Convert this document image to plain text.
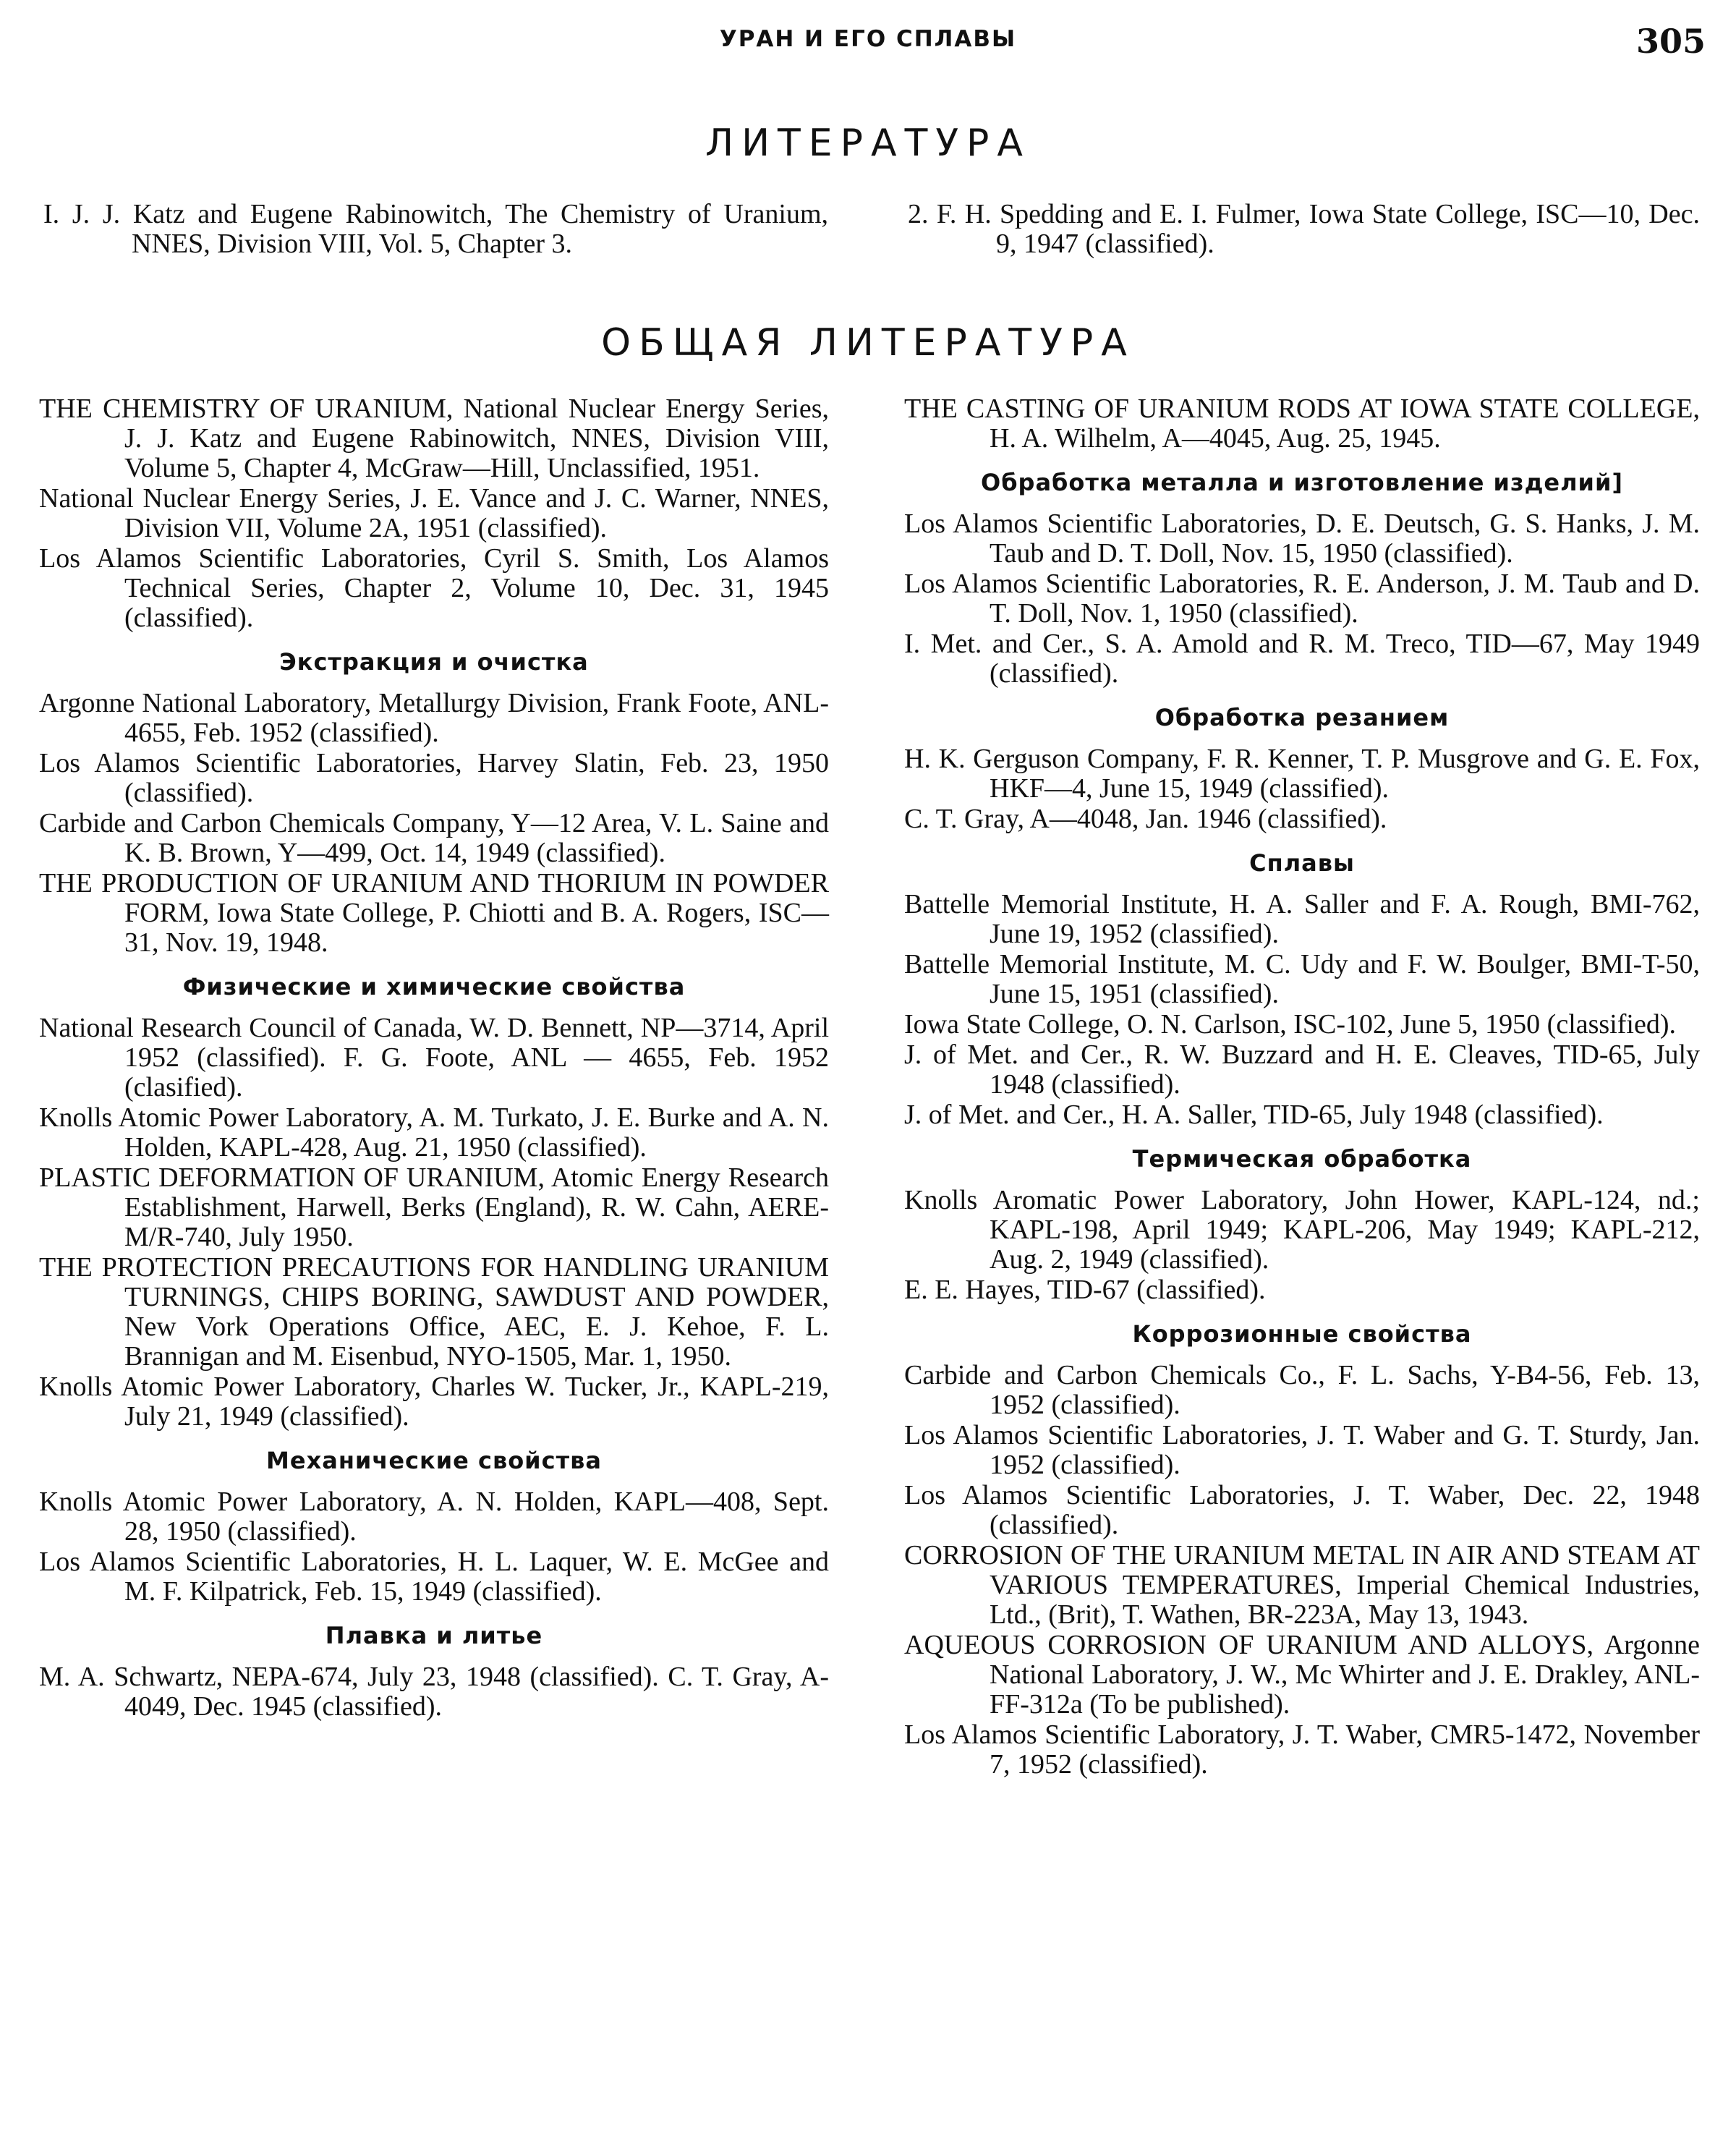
УРАН И ЕГО СПЛАВЫ	305
ЛИТЕРАТУРА

I. J. J. Katz and Eugene Rabinowitch, The Chemistry of Uranium, NNES, Division VIII, Vol. 5, Chapter 3.

2. F. H. Spedding and E. I. Fulmer, Iowa State College, ISC—10, Dec. 9, 1947 (classified).

ОБЩАЯ ЛИТЕРАТУРА

THE CHEMISTRY OF URANIUM, National Nuclear Energy Series, J. J. Katz and Eugene Rabinowitch, NNES, Division VIII, Volume 5, Chapter 4, McGraw—Hill, Unclassified, 1951.

National Nuclear Energy Series, J. E. Vance and J. C. Warner, NNES, Division VII, Volume 2A, 1951 (classified).

Los Alamos Scientific Laboratories, Cyril S. Smith, Los Alamos Technical Series, Chapter 2, Volume 10, Dec. 31, 1945 (classified).

Экстракция и очистка

Argonne National Laboratory, Metallurgy Division, Frank Foote, ANL-4655, Feb. 1952 (classified).

Los Alamos Scientific Laboratories, Harvey Slatin, Feb. 23, 1950 (classified).

Carbide and Carbon Chemicals Company, Y—12 Area, V. L. Saine and K. B. Brown, Y—499, Oct. 14, 1949 (classified).

THE PRODUCTION OF URANIUM AND THORIUM IN POWDER FORM, Iowa State College, P. Chiotti and B. A. Rogers, ISC—31, Nov. 19, 1948.

Физические и химические свойства

National Research Council of Canada, W. D. Bennett, NP—3714, April 1952 (classified). F. G. Foote, ANL — 4655, Feb. 1952 (clasified).

Knolls Atomic Power Laboratory, A. M. Turkato, J. E. Burke and A. N. Holden, KAPL-428, Aug. 21, 1950 (classified).

PLASTIC DEFORMATION OF URANIUM, Atomic Energy Research Establishment, Harwell, Berks (England), R. W. Cahn, AERE-M/R-740, July 1950.

THE PROTECTION PRECAUTIONS FOR HANDLING URANIUM TURNINGS, CHIPS BORING, SAWDUST AND POWDER, New Vork Operations Office, AEC, E. J. Kehoe, F. L. Brannigan and M. Eisenbud, NYO-1505, Mar. 1, 1950.

Knolls Atomic Power Laboratory, Charles W. Tucker, Jr., KAPL-219, July 21, 1949 (classified).

Механические свойства

Knolls Atomic Power Laboratory, A. N. Holden, KAPL—408, Sept. 28, 1950 (classified).

Los Alamos Scientific Laboratories, H. L. Laquer, W. E. McGee and M. F. Kilpatrick, Feb. 15, 1949 (classified).

Плавка и литье

M. A. Schwartz, NEPA-674, July 23, 1948 (classified). C. T. Gray, A-4049, Dec. 1945 (classified).

THE CASTING OF URANIUM RODS AT IOWA STATE COLLEGE, H. A. Wilhelm, A—4045, Aug. 25, 1945.

Обработка металла и изготовление изделий]

Los Alamos Scientific Laboratories, D. E. Deutsch, G. S. Hanks, J. M. Taub and D. T. Doll, Nov. 15, 1950 (classified).

Los Alamos Scientific Laboratories, R. E. Anderson, J. M. Taub and D. T. Doll, Nov. 1, 1950 (classified).

I. Met. and Cer., S. A. Amold and R. M. Treco, TID—67, May 1949 (classified).

Обработка резанием

H. K. Gerguson Company, F. R. Kenner, T. P. Musgrove and G. E. Fox, HKF—4, June 15, 1949 (classified).

C. T. Gray, A—4048, Jan. 1946 (classified).

Сплавы

Battelle Memorial Institute, H. A. Saller and F. A. Rough, BMI-762, June 19, 1952 (classified).

Battelle Memorial Institute, M. C. Udy and F. W. Boulger, BMI-T-50, June 15, 1951 (classified).

Iowa State College, O. N. Carlson, ISC-102, June 5, 1950 (classified).

J. of Met. and Cer., R. W. Buzzard and H. E. Cleaves, TID-65, July 1948 (classified).

J. of Met. and Cer., H. A. Saller, TID-65, July 1948 (classified).

Термическая обработка

Knolls Aromatic Power Laboratory, John Hower, KAPL-124, nd.; KAPL-198, April 1949; KAPL-206, May 1949; KAPL-212, Aug. 2, 1949 (classified).

E. E. Hayes, TID-67 (classified).

Коррозионные свойства

Carbide and Carbon Chemicals Co., F. L. Sachs, Y-B4-56, Feb. 13, 1952 (classified).

Los Alamos Scientific Laboratories, J. T. Waber and G. T. Sturdy, Jan. 1952 (classified).

Los Alamos Scientific Laboratories, J. T. Waber, Dec. 22, 1948 (classified).

CORROSION OF THE URANIUM METAL IN AIR AND STEAM AT VARIOUS TEMPERATURES, Imperial Chemical Industries, Ltd., (Brit), T. Wathen, BR-223A, May 13, 1943.

AQUEOUS CORROSION OF URANIUM AND ALLOYS, Argonne National Laboratory, J. W., Mc Whirter and J. E. Drakley, ANL-FF-312a (To be published).

Los Alamos Scientific Laboratory, J. T. Waber, CMR5-1472, November 7, 1952 (classified).
